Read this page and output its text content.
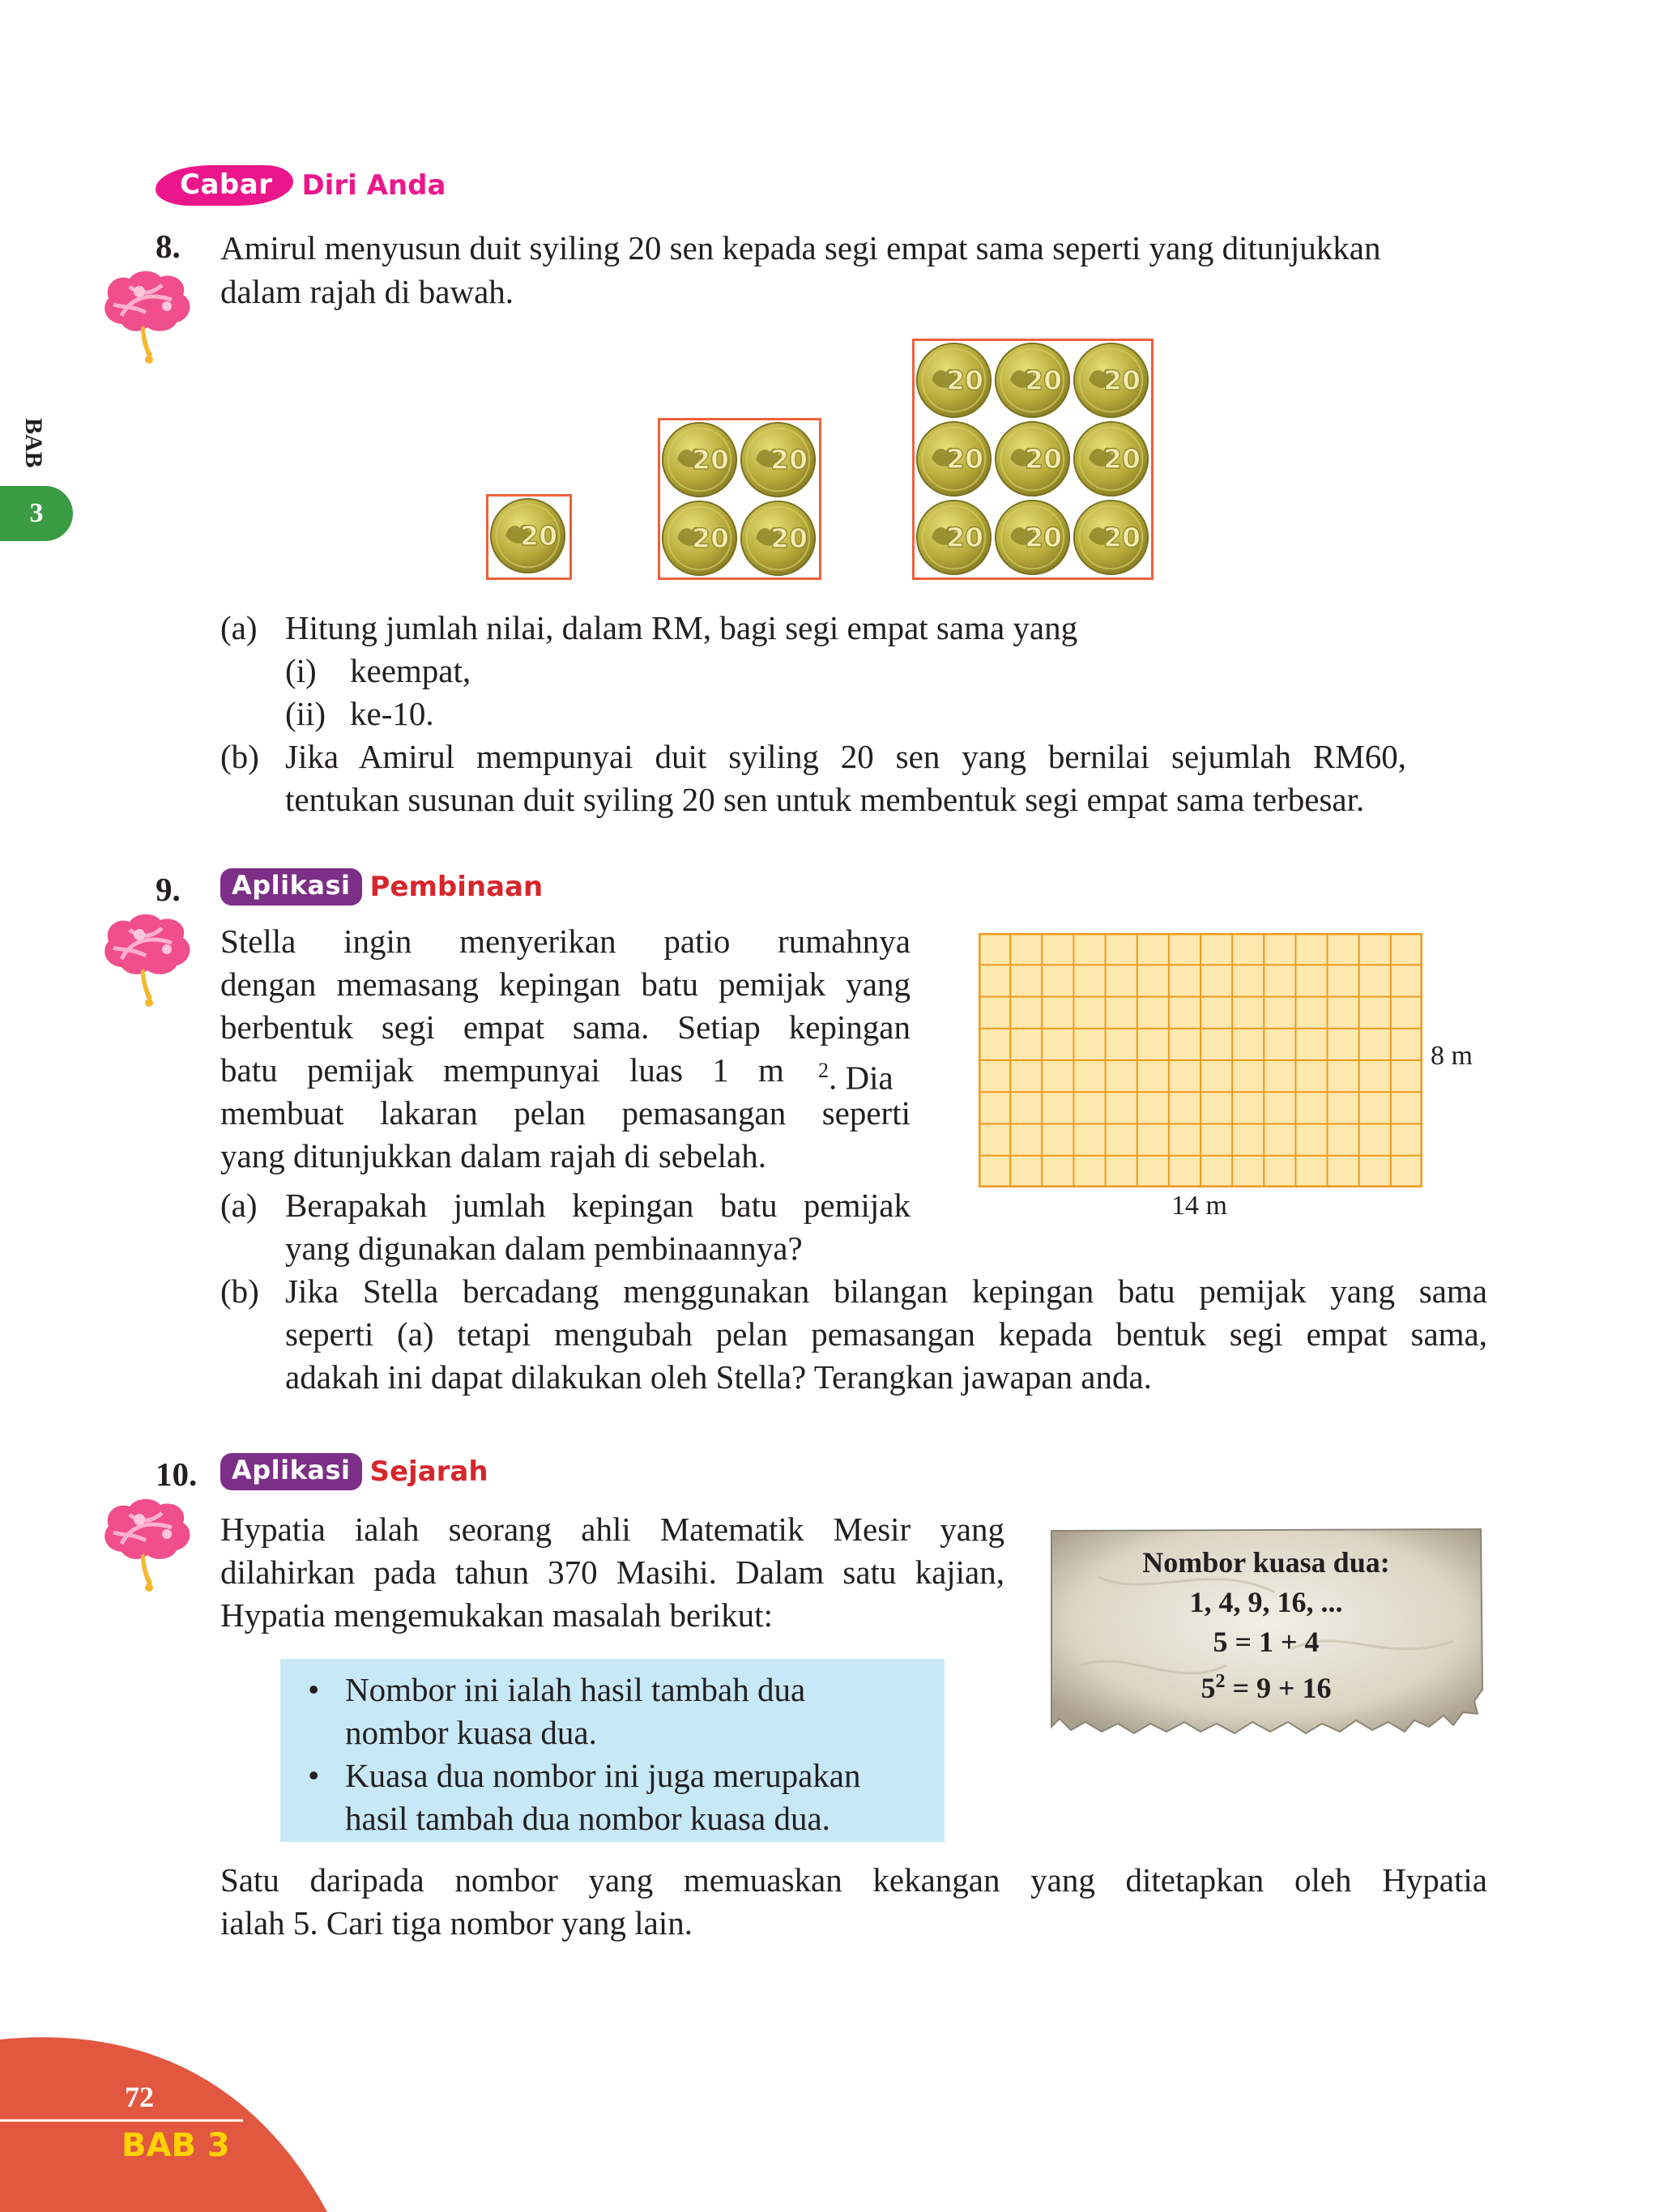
BAB
3
Cabar	Diri Anda
8. Amirul menyusun duit syiling 20 sen kepada segi empat sama seperti yang ditunjukkan
dalam rajah di bawah.
20
20 20
20 20
20 20 20
20 20 20
20 20 20
(a) Hitung jumlah nilai, dalam RM, bagi segi empat sama yang
(i) keempat,
(ii) ke-10.
(b) Jika Amirul mempunyai duit syiling 20 sen yang bernilai sejumlah RM60,
tentukan susunan duit syiling 20 sen untuk membentuk segi empat sama terbesar.
9.	Aplikasi Pembinaan
Stella ingin menyerikan patio rumahnya
dengan memasang kepingan batu pemijak yang
berbentuk segi empat sama. Setiap kepingan
batu pemijak mempunyai luas 1 m $^2$. Dia
membuat lakaran pelan pemasangan seperti
yang ditunjukkan dalam rajah di sebelah.
(a) Berapakah jumlah kepingan batu pemijak
yang digunakan dalam pembinaannya?
(b) Jika Stella bercadang menggunakan bilangan kepingan batu pemijak yang sama
seperti (a) tetapi mengubah pelan pemasangan kepada bentuk segi empat sama,
adakah ini dapat dilakukan oleh Stella? Terangkan jawapan anda.
14 m
8 m
10.	Aplikasi Sejarah
Hypatia ialah seorang ahli Matematik Mesir yang
dilahirkan pada tahun 370 Masihi. Dalam satu kajian,
Hypatia mengemukakan masalah berikut:
• Nombor ini ialah hasil tambah dua
nombor kuasa dua.
• Kuasa dua nombor ini juga merupakan
hasil tambah dua nombor kuasa dua.
Nombor kuasa dua:
1, 4, 9, 16, ...
5 = 1 + 4
$5^2 = 9 + 16$
Satu daripada nombor yang memuaskan kekangan yang ditetapkan oleh Hypatia
ialah 5. Cari tiga nombor yang lain.
72
BAB 3
